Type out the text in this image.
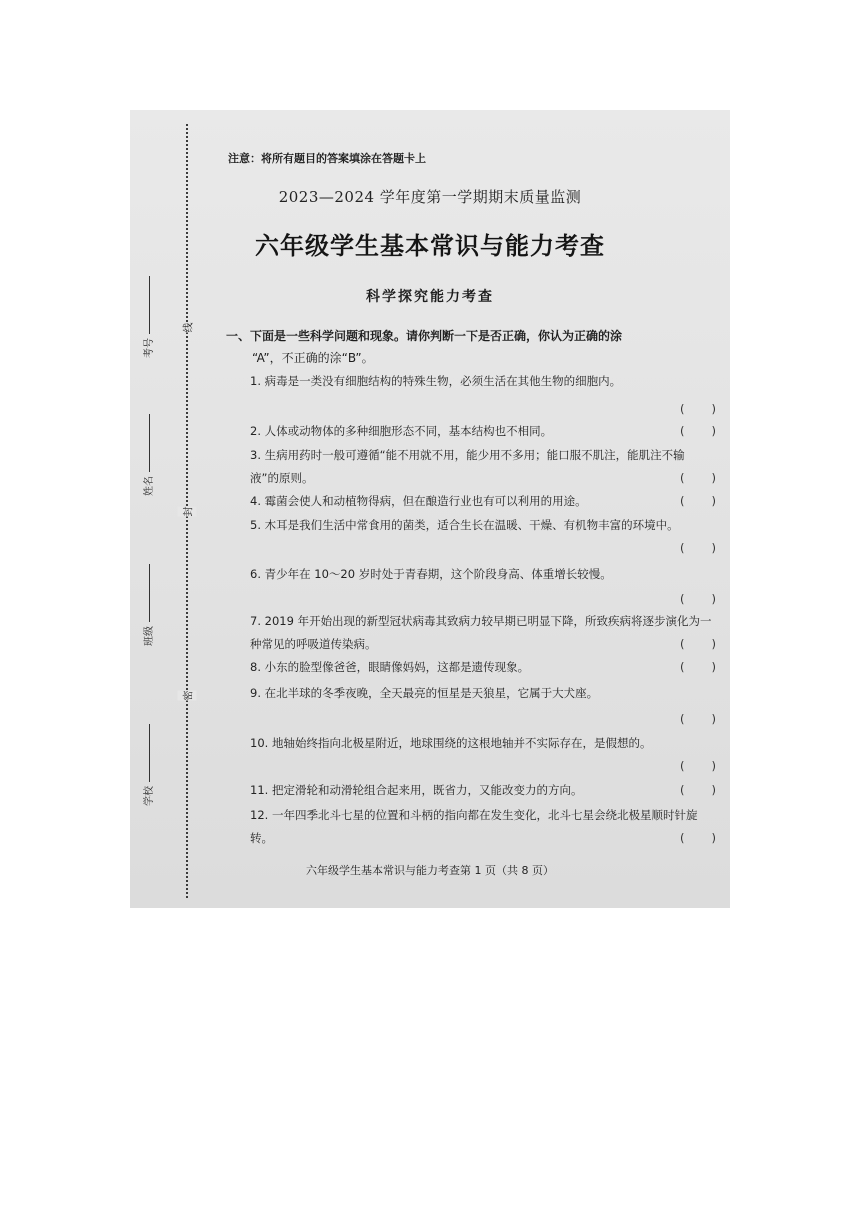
考号
姓名
班级
学校
线
封
密
注意：将所有题目的答案填涂在答题卡上
2023—2024 学年度第一学期期末质量监测
六年级学生基本常识与能力考查
科学探究能力考查
一、下面是一些科学问题和现象。请你判断一下是否正确，你认为正确的涂
“A”，不正确的涂“B”。
1. 病毒是一类没有细胞结构的特殊生物，必须生活在其他生物的细胞内。
( )
2. 人体或动物体的多种细胞形态不同，基本结构也不相同。	( )
3. 生病用药时一般可遵循“能不用就不用，能少用不多用；能口服不肌注，能肌注不输液”的原则。	( )
4. 霉菌会使人和动植物得病，但在酿造行业也有可以利用的用途。	( )
5. 木耳是我们生活中常食用的菌类，适合生长在温暖、干燥、有机物丰富的环境中。
( )
6. 青少年在 10～20 岁时处于青春期，这个阶段身高、体重增长较慢。
( )
7. 2019 年开始出现的新型冠状病毒其致病力较早期已明显下降，所致疾病将逐步演化为一种常见的呼吸道传染病。	( )
8. 小东的脸型像爸爸，眼睛像妈妈，这都是遗传现象。	( )
9. 在北半球的冬季夜晚，全天最亮的恒星是天狼星，它属于大犬座。
( )
10. 地轴始终指向北极星附近，地球围绕的这根地轴并不实际存在，是假想的。
( )
11. 把定滑轮和动滑轮组合起来用，既省力，又能改变力的方向。	( )
12. 一年四季北斗七星的位置和斗柄的指向都在发生变化，北斗七星会绕北极星顺时针旋转。	( )
六年级学生基本常识与能力考查第 1 页（共 8 页）
